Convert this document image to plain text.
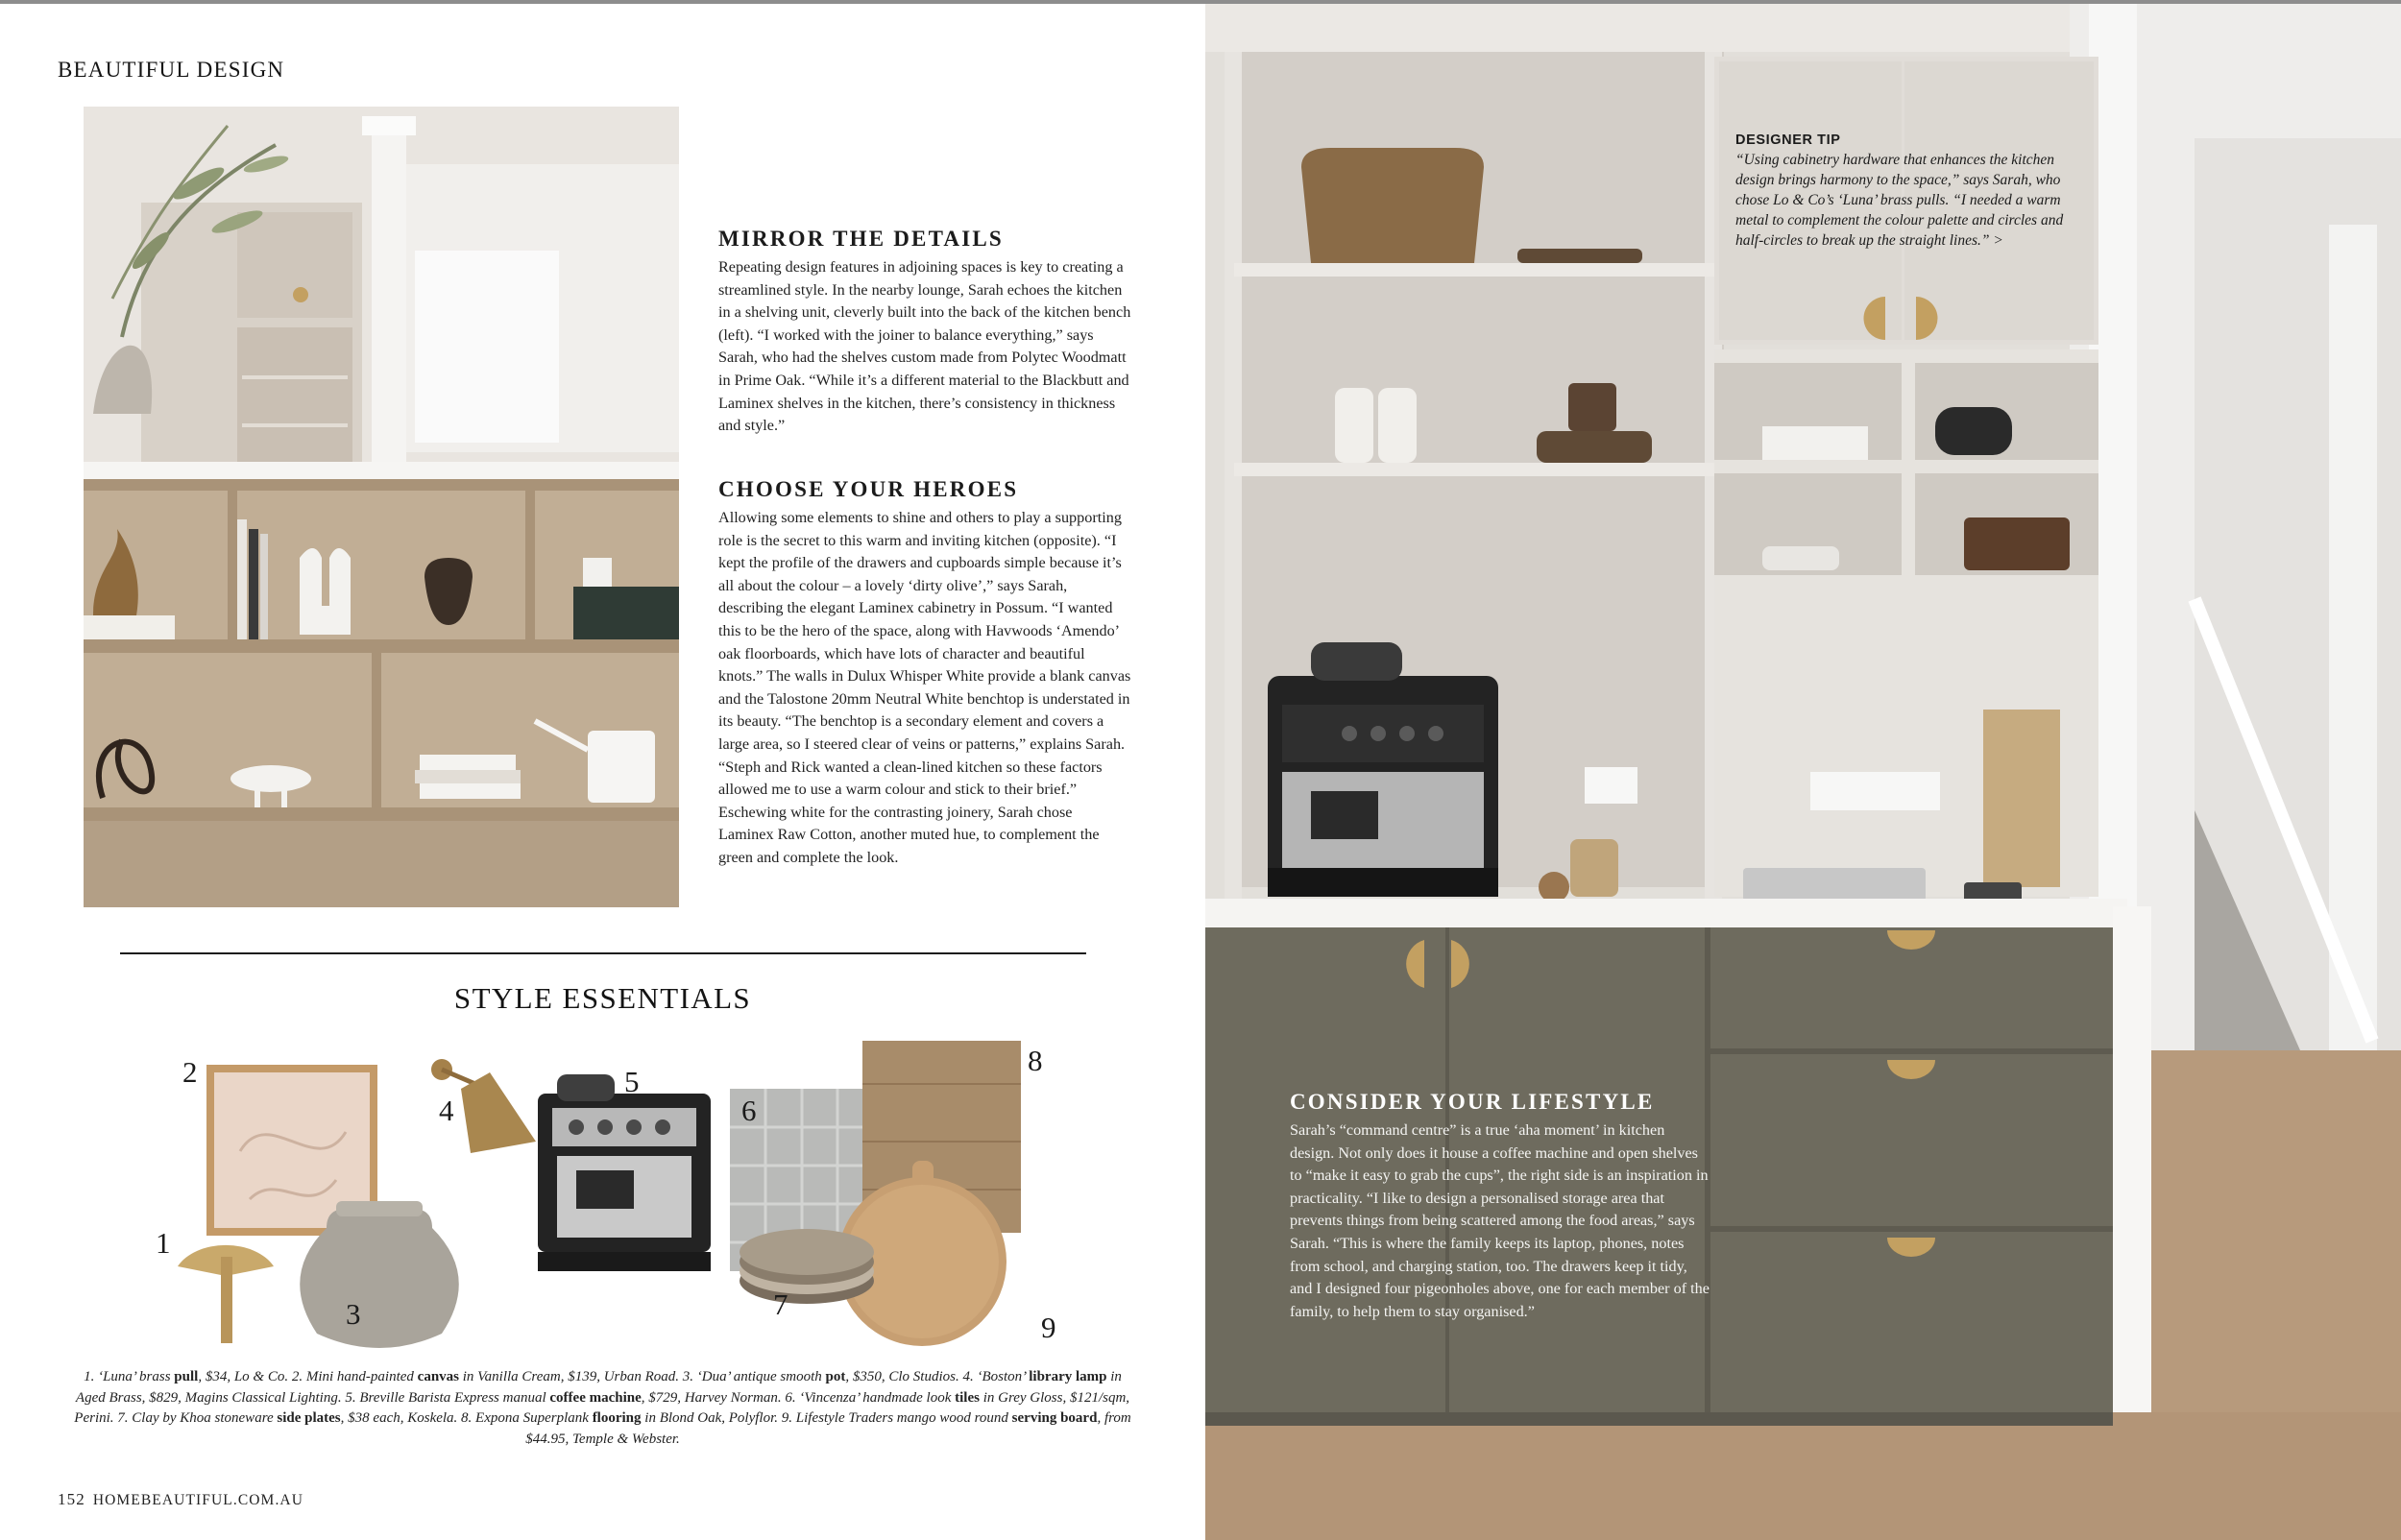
BEAUTIFUL DESIGN
MIRROR THE DETAILS

Repeating design features in adjoining spaces is key to creating a streamlined style. In the nearby lounge, Sarah echoes the kitchen in a shelving unit, cleverly built into the back of the kitchen bench (left). “I worked with the joiner to balance everything,” says Sarah, who had the shelves custom made from Polytec Woodmatt in Prime Oak. “While it’s a different material to the Blackbutt and Laminex shelves in the kitchen, there’s consistency in thickness and style.”

CHOOSE YOUR HEROES

Allowing some elements to shine and others to play a supporting role is the secret to this warm and inviting kitchen (opposite). “I kept the profile of the drawers and cupboards simple because it’s all about the colour – a lovely ‘dirty olive’,” says Sarah, describing the elegant Laminex cabinetry in Possum. “I wanted this to be the hero of the space, along with Havwoods ‘Amendo’ oak floorboards, which have lots of character and beautiful knots.” The walls in Dulux Whisper White provide a blank canvas and the Talostone 20mm Neutral White benchtop is understated in its beauty. “The benchtop is a secondary element and covers a large area, so I steered clear of veins or patterns,” explains Sarah. “Steph and Rick wanted a clean-lined kitchen so these factors allowed me to use a warm colour and stick to their brief.” Eschewing white for the contrasting joinery, Sarah chose Laminex Raw Cotton, another muted hue, to complement the green and complete the look.

STYLE ESSENTIALS
1
2
3
4
5
6
7
8
9
1. ‘Luna’ brass pull, $34, Lo & Co. 2. Mini hand-painted canvas in Vanilla Cream, $139, Urban Road. 3. ‘Dua’ antique smooth pot, $350, Clo Studios. 4. ‘Boston’ library lamp in Aged Brass, $829, Magins Classical Lighting. 5. Breville Barista Express manual coffee machine, $729, Harvey Norman. 6. ‘Vincenza’ handmade look tiles in Grey Gloss, $121/sqm, Perini. 7. Clay by Khoa stoneware side plates, $38 each, Koskela. 8. Expona Superplank flooring in Blond Oak, Polyflor. 9. Lifestyle Traders mango wood round serving board, from $44.95, Temple & Webster.
152 HOMEBEAUTIFUL.COM.AU
DESIGNER TIP

“Using cabinetry hardware that enhances the kitchen design brings harmony to the space,” says Sarah, who chose Lo & Co’s ‘Luna’ brass pulls. “I needed a warm metal to complement the colour palette and circles and half-circles to break up the straight lines.” >

CONSIDER YOUR LIFESTYLE

Sarah’s “command centre” is a true ‘aha moment’ in kitchen design. Not only does it house a coffee machine and open shelves to “make it easy to grab the cups”, the right side is an inspiration in practicality. “I like to design a personalised storage area that prevents things from being scattered among the food areas,” says Sarah. “This is where the family keeps its laptop, phones, notes from school, and charging station, too. The drawers keep it tidy, and I designed four pigeonholes above, one for each member of the family, to help them to stay organised.”
